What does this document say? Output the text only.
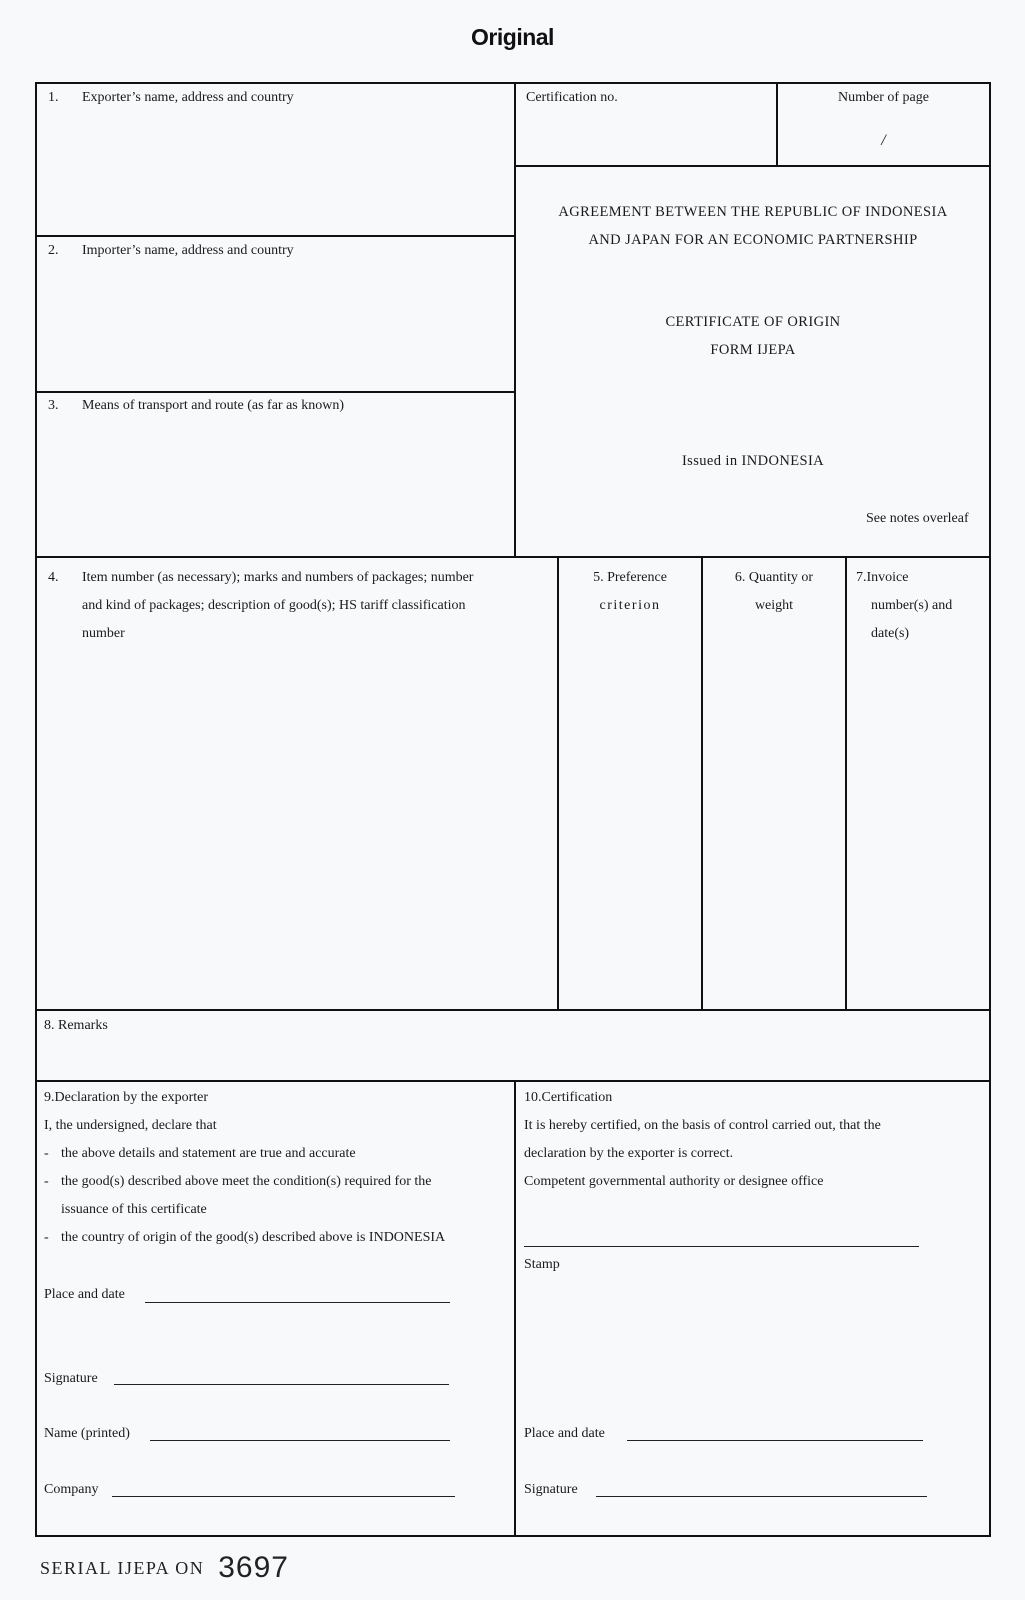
Original
1. Exporter’s name, address and country	Certification no.	Number of page
/
AGREEMENT BETWEEN THE REPUBLIC OF INDONESIA
AND JAPAN FOR AN ECONOMIC PARTNERSHIP
CERTIFICATE OF ORIGIN
FORM IJEPA
Issued in INDONESIA
See notes overleaf
2. Importer’s name, address and country
3. Means of transport and route (as far as known)
4. Item number (as necessary); marks and numbers of packages; number
and kind of packages; description of good(s); HS tariff classification
number
5. Preference
criterion
6. Quantity or
weight
7.Invoice
number(s) and
date(s)
8. Remarks
9.Declaration by the exporter
I, the undersigned, declare that
- the above details and statement are true and accurate
- the good(s) described above meet the condition(s) required for the
issuance of this certificate
- the country of origin of the good(s) described above is INDONESIA
Place and date
Signature
Name (printed)
Company
10.Certification
It is hereby certified, on the basis of control carried out, that the
declaration by the exporter is correct.
Competent governmental authority or designee office
Stamp
Place and date
Signature
SERIAL IJEPA ON 3697
